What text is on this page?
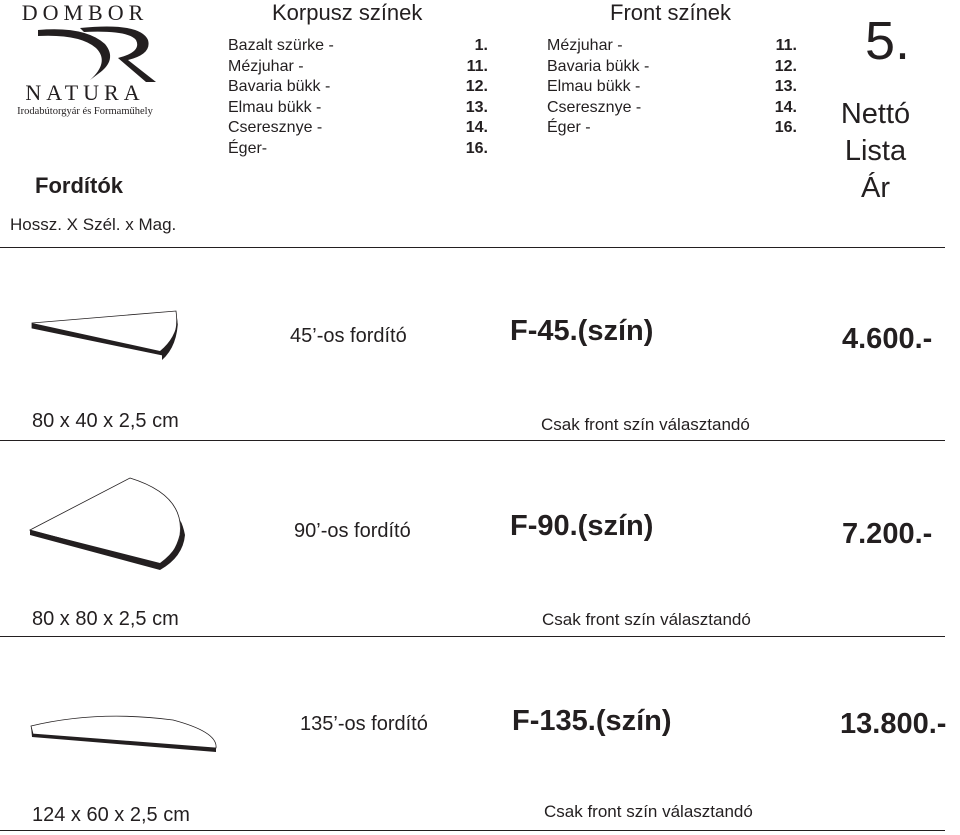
DOMBOR
NATURA
Irodabútorgyár és Formaműhely
Fordítók
Hossz. X Szél. x Mag.
Korpusz színek
Bazalt szürke -	1.
Mézjuhar -	11.
Bavaria bükk -	12.
Elmau bükk -	13.
Cseresznye -	14.
Éger-	16.
Front színek
Mézjuhar -	11.
Bavaria bükk -	12.
Elmau bükk -	13.
Cseresznye -	14.
Éger -	16.
5.
Nettó
Lista
Ár
45’-os fordító	F-45.(szín)	4.600.-
80 x 40 x 2,5 cm	Csak front szín választandó
90’-os fordító	F-90.(szín)	7.200.-
80 x 80 x 2,5 cm	Csak front szín választandó
135’-os fordító	F-135.(szín)	13.800.-
124 x 60 x 2,5 cm	Csak front szín választandó
